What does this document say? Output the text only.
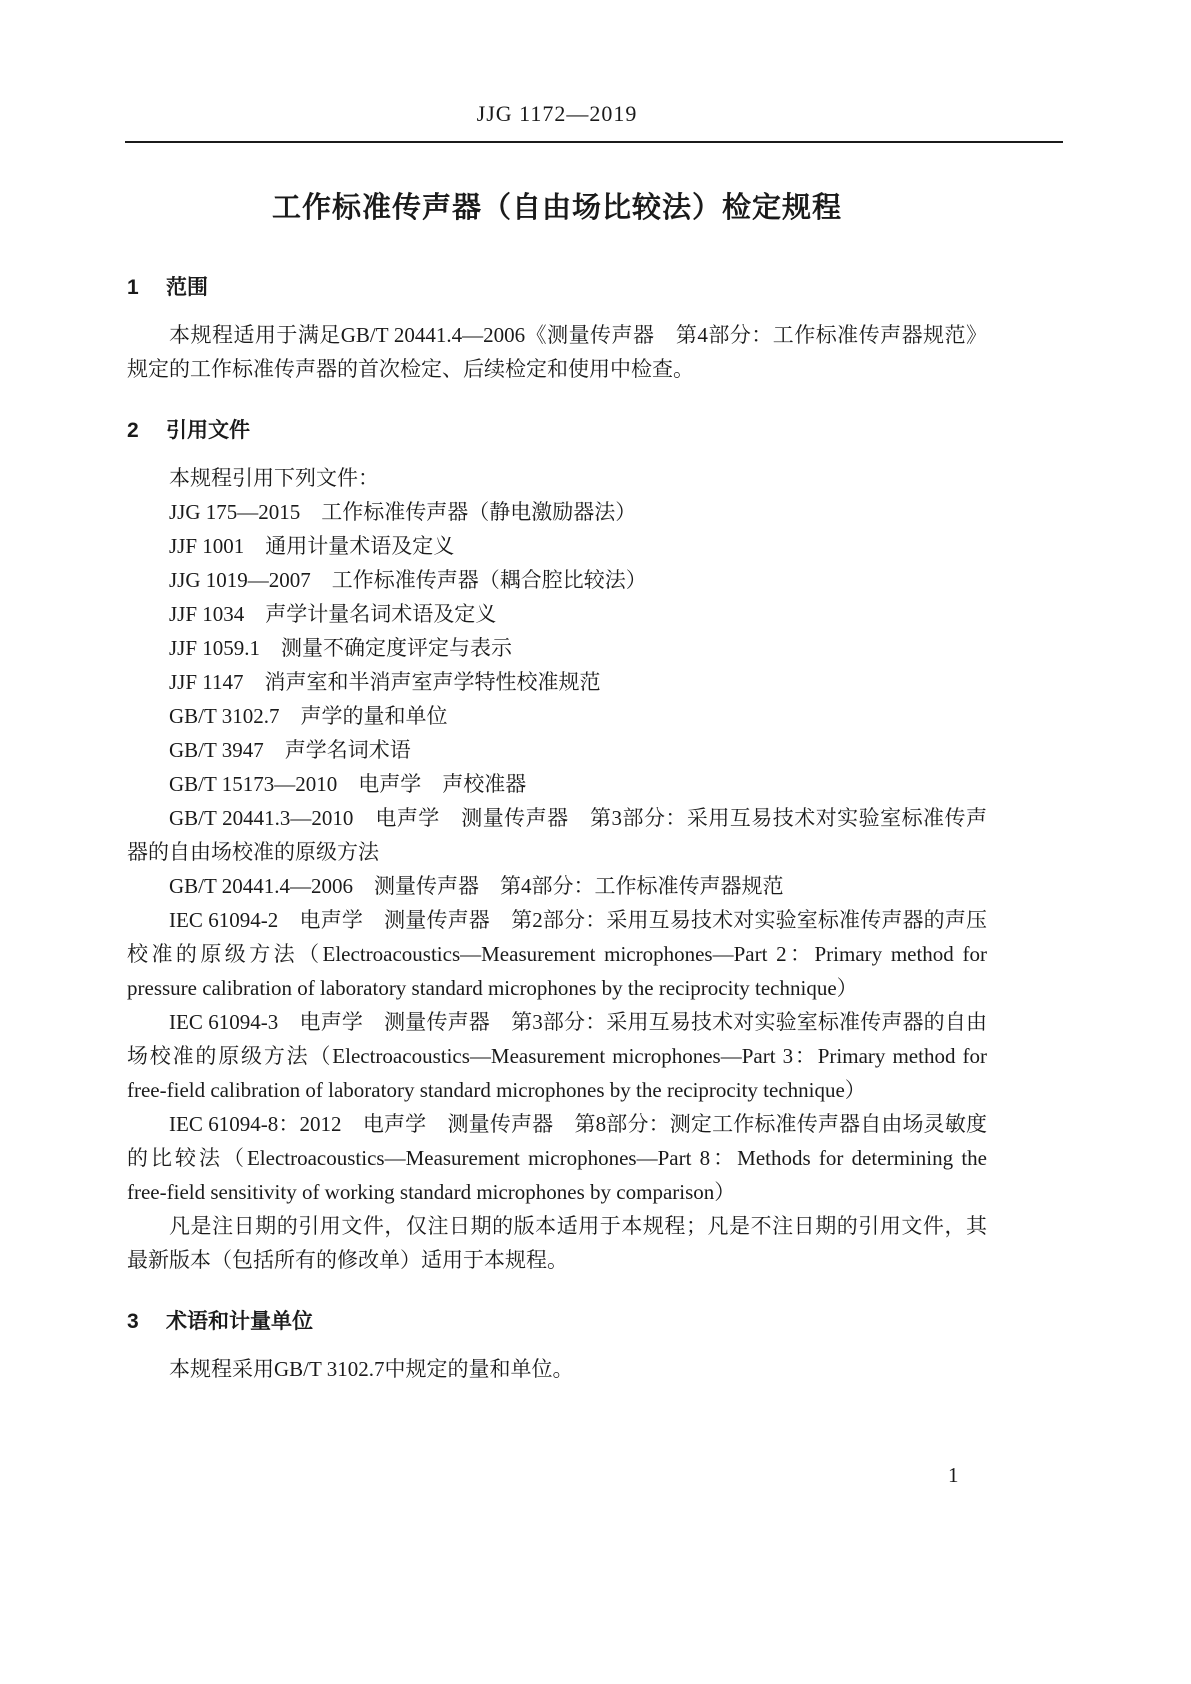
JJG 1172—2019
工作标准传声器（自由场比较法）检定规程
1 范围

本规程适用于满足GB/T 20441.4—2006《测量传声器　第4部分：工作标准传声器规范》规定的工作标准传声器的首次检定、后续检定和使用中检查。

2 引用文件

本规程引用下列文件：

JJG 175—2015　工作标准传声器（静电激励器法）

JJF 1001　通用计量术语及定义

JJG 1019—2007　工作标准传声器（耦合腔比较法）

JJF 1034　声学计量名词术语及定义

JJF 1059.1　测量不确定度评定与表示

JJF 1147　消声室和半消声室声学特性校准规范

GB/T 3102.7　声学的量和单位

GB/T 3947　声学名词术语

GB/T 15173—2010　电声学　声校准器

GB/T 20441.3—2010　电声学　测量传声器　第3部分：采用互易技术对实验室标准传声器的自由场校准的原级方法

GB/T 20441.4—2006　测量传声器　第4部分：工作标准传声器规范

IEC 61094-2　电声学　测量传声器　第2部分：采用互易技术对实验室标准传声器的声压校准的原级方法（Electroacoustics—Measurement microphones—Part 2：Primary method for pressure calibration of laboratory standard microphones by the reciprocity technique）

IEC 61094-3　电声学　测量传声器　第3部分：采用互易技术对实验室标准传声器的自由场校准的原级方法（Electroacoustics—Measurement microphones—Part 3：Primary method for free-field calibration of laboratory standard microphones by the reciprocity technique）

IEC 61094-8：2012　电声学　测量传声器　第8部分：测定工作标准传声器自由场灵敏度的比较法（Electroacoustics—Measurement microphones—Part 8：Methods for determining the free-field sensitivity of working standard microphones by comparison）

凡是注日期的引用文件，仅注日期的版本适用于本规程；凡是不注日期的引用文件，其最新版本（包括所有的修改单）适用于本规程。

3 术语和计量单位

本规程采用GB/T 3102.7中规定的量和单位。

1
